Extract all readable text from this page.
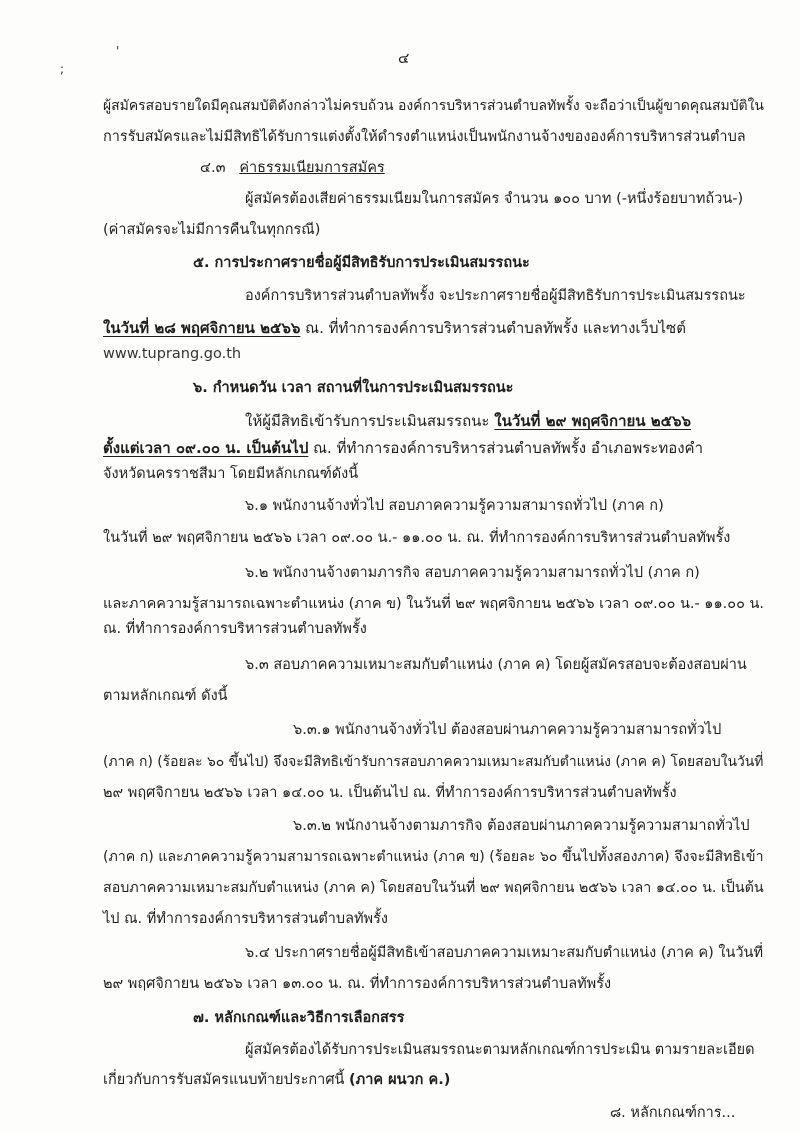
'
;
๔
ผู้สมัครสอบรายใดมีคุณสมบัติดังกล่าวไม่ครบถ้วน องค์การบริหารส่วนตำบลทัพรั้ง จะถือว่าเป็นผู้ขาดคุณสมบัติใน
การรับสมัครและไม่มีสิทธิได้รับการแต่งตั้งให้ดำรงตำแหน่งเป็นพนักงานจ้างขององค์การบริหารส่วนตำบล
๔.๓ ค่าธรรมเนียมการสมัคร
ผู้สมัครต้องเสียค่าธรรมเนียมในการสมัคร จำนวน ๑๐๐ บาท (-หนึ่งร้อยบาทถ้วน-)
(ค่าสมัครจะไม่มีการคืนในทุกกรณี)
๕. การประกาศรายชื่อผู้มีสิทธิรับการประเมินสมรรถนะ
องค์การบริหารส่วนตำบลทัพรั้ง จะประกาศรายชื่อผู้มีสิทธิรับการประเมินสมรรถนะ
ในวันที่ ๒๘ พฤศจิกายน ๒๕๖๖ ณ. ที่ทำการองค์การบริหารส่วนตำบลทัพรั้ง และทางเว็บไซต์
www.tuprang.go.th
๖. กำหนดวัน เวลา สถานที่ในการประเมินสมรรถนะ
ให้ผู้มีสิทธิเข้ารับการประเมินสมรรถนะ ในวันที่ ๒๙ พฤศจิกายน ๒๕๖๖
ตั้งแต่เวลา ๐๙.๐๐ น. เป็นต้นไป ณ. ที่ทำการองค์การบริหารส่วนตำบลทัพรั้ง อำเภอพระทองคำ
จังหวัดนครราชสีมา โดยมีหลักเกณฑ์ดังนี้
๖.๑ พนักงานจ้างทั่วไป สอบภาคความรู้ความสามารถทั่วไป (ภาค ก)
ในวันที่ ๒๙ พฤศจิกายน ๒๕๖๖ เวลา ๐๙.๐๐ น.- ๑๑.๐๐ น. ณ. ที่ทำการองค์การบริหารส่วนตำบลทัพรั้ง
๖.๒ พนักงานจ้างตามภารกิจ สอบภาคความรู้ความสามารถทั่วไป (ภาค ก)
และภาคความรู้สามารถเฉพาะตำแหน่ง (ภาค ข) ในวันที่ ๒๙ พฤศจิกายน ๒๕๖๖ เวลา ๐๙.๐๐ น.- ๑๑.๐๐ น.
ณ. ที่ทำการองค์การบริหารส่วนตำบลทัพรั้ง
๖.๓ สอบภาคความเหมาะสมกับตำแหน่ง (ภาค ค) โดยผู้สมัครสอบจะต้องสอบผ่าน
ตามหลักเกณฑ์ ดังนี้
๖.๓.๑ พนักงานจ้างทั่วไป ต้องสอบผ่านภาคความรู้ความสามารถทั่วไป
(ภาค ก) (ร้อยละ ๖๐ ขึ้นไป) จึงจะมีสิทธิเข้ารับการสอบภาคความเหมาะสมกับตำแหน่ง (ภาค ค) โดยสอบในวันที่
๒๙ พฤศจิกายน ๒๕๖๖ เวลา ๑๔.๐๐ น. เป็นต้นไป ณ. ที่ทำการองค์การบริหารส่วนตำบลทัพรั้ง
๖.๓.๒ พนักงานจ้างตามภารกิจ ต้องสอบผ่านภาคความรู้ความสามาถทั่วไป
(ภาค ก) และภาคความรู้ความสามารถเฉพาะตำแหน่ง (ภาค ข) (ร้อยละ ๖๐ ขึ้นไปทั้งสองภาค) จึงจะมีสิทธิเข้า
สอบภาคความเหมาะสมกับตำแหน่ง (ภาค ค) โดยสอบในวันที่ ๒๙ พฤศจิกายน ๒๕๖๖ เวลา ๑๔.๐๐ น. เป็นต้น
ไป ณ. ที่ทำการองค์การบริหารส่วนตำบลทัพรั้ง
๖.๔ ประกาศรายชื่อผู้มีสิทธิเข้าสอบภาคความเหมาะสมกับตำแหน่ง (ภาค ค) ในวันที่
๒๙ พฤศจิกายน ๒๕๖๖ เวลา ๑๓.๐๐ น. ณ. ที่ทำการองค์การบริหารส่วนตำบลทัพรั้ง
๗. หลักเกณฑ์และวิธีการเลือกสรร
ผู้สมัครต้องได้รับการประเมินสมรรถนะตามหลักเกณฑ์การประเมิน ตามรายละเอียด
เกี่ยวกับการรับสมัครแนบท้ายประกาศนี้ (ภาค ผนวก ค.)
๘. หลักเกณฑ์การ...
